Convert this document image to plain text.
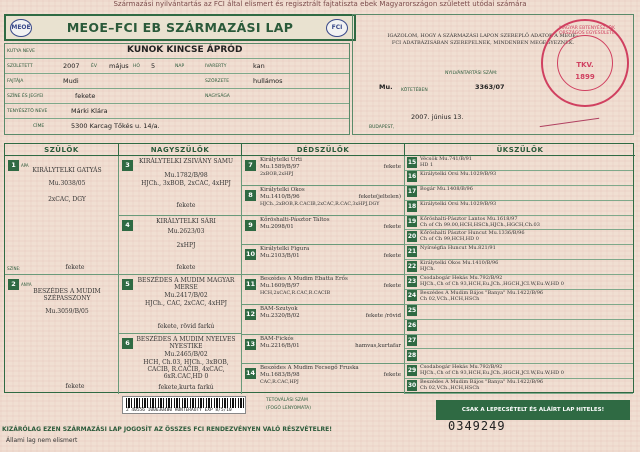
Származási nyilvántartás az FCI által elismert és regisztrált fajtatiszta ebek Magyarországon született utódai számára
MEOE	MEOE–FCI EB SZÁRMAZÁSI LAP	FCI
KUTYA NEVE	KUNOK KINCSE ÁPRÓD
SZÜLETETT	2007	ÉV május HÓ 5	NAP	IVARERTY	kan
FAJTÁJA	Mudi	SZŐRZETE	hullámos
SZÍNE ÉS JEGYEI	fekete	NAGYSÁGA
TENYÉSZTŐ NEVE	Márki Klára
CÍME	5300 Karcag Tőkés u. 14/a.
IGAZOLOM, HOGY A SZÁRMAZÁSI LAPON SZEREPLŐ ADATOK A MEOE–FCI ADATBÁZISÁBAN SZEREPELNEK, MINDENBEN MEGEGYEZNEK.
NYILVÁNTARTÁSI SZÁM:
Mu.	3363/07
KÖTETÉBEN
BUDAPEST,
2007. június 13.
MAGYAR EBTENYÉSZTŐK ORSZÁGOS EGYESÜLETE
TKV.
1899
SZÜLŐK	NAGYSZÜLŐK	DÉDSZÜLŐK	ÜKSZÜLŐK
1	APA
KIRÁLYTELKI GATYÁS
Mu.3038/05
2xCAC, DGY
SZÍNE:	fekete
2	ANYA
BESZÉDES A MUDIM SZÉPASSZONY
Mu.3059/B/05
fekete
3	KIRÁLYTELKI ZSIVÁNY SAMU
Mu.1782/B/98
HJCh., 3xBOB, 2xCAC, 4xHPJ
fekete
4	KIRÁLYTELKI SÁRI
Mu.2623/03
2xHPJ
fekete
5	BESZÉDES A MUDIM MAGYAR MERSE
Mu.2417/B/02
HJCh., CAC, 2xCAC, 4xHPJ
fekete, rövid farkú
6	BESZÉDES A MUDIM NYELVES NYESTIKE
Mu.2465/B/02
HCH, Ch.03, HJCh., 3xBOB, CACIB, R.CACIB, 4xCAC, 6xR.CAC,HD 0
fekete,kurta farkú
15 Vécsök Mu.741/B/91
HD 1
16 Királytelki Orsi Mu.1029/B/93
17 Bogár Mu.1408/B/96
18 Királytelki Orsi Mu.1029/B/93
19 Kőröshalti-Pásztor Lantos Mu.1618/97
Ch of Ch 99.00,HCH,HSCh,HJCh.,HGCH,Ch.03
20 Kőröshalti Pásztor Huncut Mu.1336/B/96
Ch of Ch 99,HCH,HD 0
21 Nyírségfia Huncut Mu.821/91
22 Királytelki Okos Mu.1410/B/96
HJCh.
23 Csodabogár Hekás Mu.792/B/92
HJCh.,Ch of Ch 93,HCH,Eu.JCh.,HGCH,JCI.W,Eu.W,HD 0
24 Beszédes A Mudim Bájos "Banya" Mu.1422/B/96
Ch 02,VCh.,HCH,HSCh
25
26
27
28
29 Csodabogár Hekás Mu.792/B/92
HJCh.,Ch of Ch 93,HCH,Eu.JCh.,HGCH,JCI.W,Eu.W,HD 0
30 Beszédes A Mudim Bájos "Banya" Mu.1422/B/96
Ch 02,VCh.,HCH,HSCh
7
Királytelki Urti
Mu.1589/B/97
2xBOB,2xHPJ
fekete
8
Királytelki Okos
Mu.1410/B/96
HJCh.,2xBOB,R.CACIB,2xCAC,R.CAC,3xHPJ,DGY
fekete(jeltelen)
9
Kőröshalti-Pásztor Táltos
Mu.2098/01	fekete
10
Királytelki Figura
Mu.2103/B/01	fekete
11
Beszédes A Mudim Ebatta Erős
Mu.1609/B/97
HCH,2xCAC,R.CAC,R.CACIB
fekete
12
BAM-Szutyok
Mu.2320/B/02	fekete /rövid
13
BAM-Fickós
Mu.2216/B/01	hamvas,kurtafar
14
Beszédes A Mudim Fecsegő Fruska
Mu.1683/B/98
CAC,R.CAC,HPJ
fekete
2 40556 100630400 HUNTERAUTY EXP 8/5/10
TETOVÁLÁSI SZÁM
(FOGÓ LENYOMATA)	CSAK A LEPECSÉTELT ÉS ALÁÍRT LAP HITELES!
0349249
KIZÁRÓLAG EZEN SZÁRMAZÁSI LAP JOGOSÍT AZ ÖSSZES FCI RENDEZVÉNYEN VALÓ RÉSZVÉTELRE!
Állami lag nem elismert
